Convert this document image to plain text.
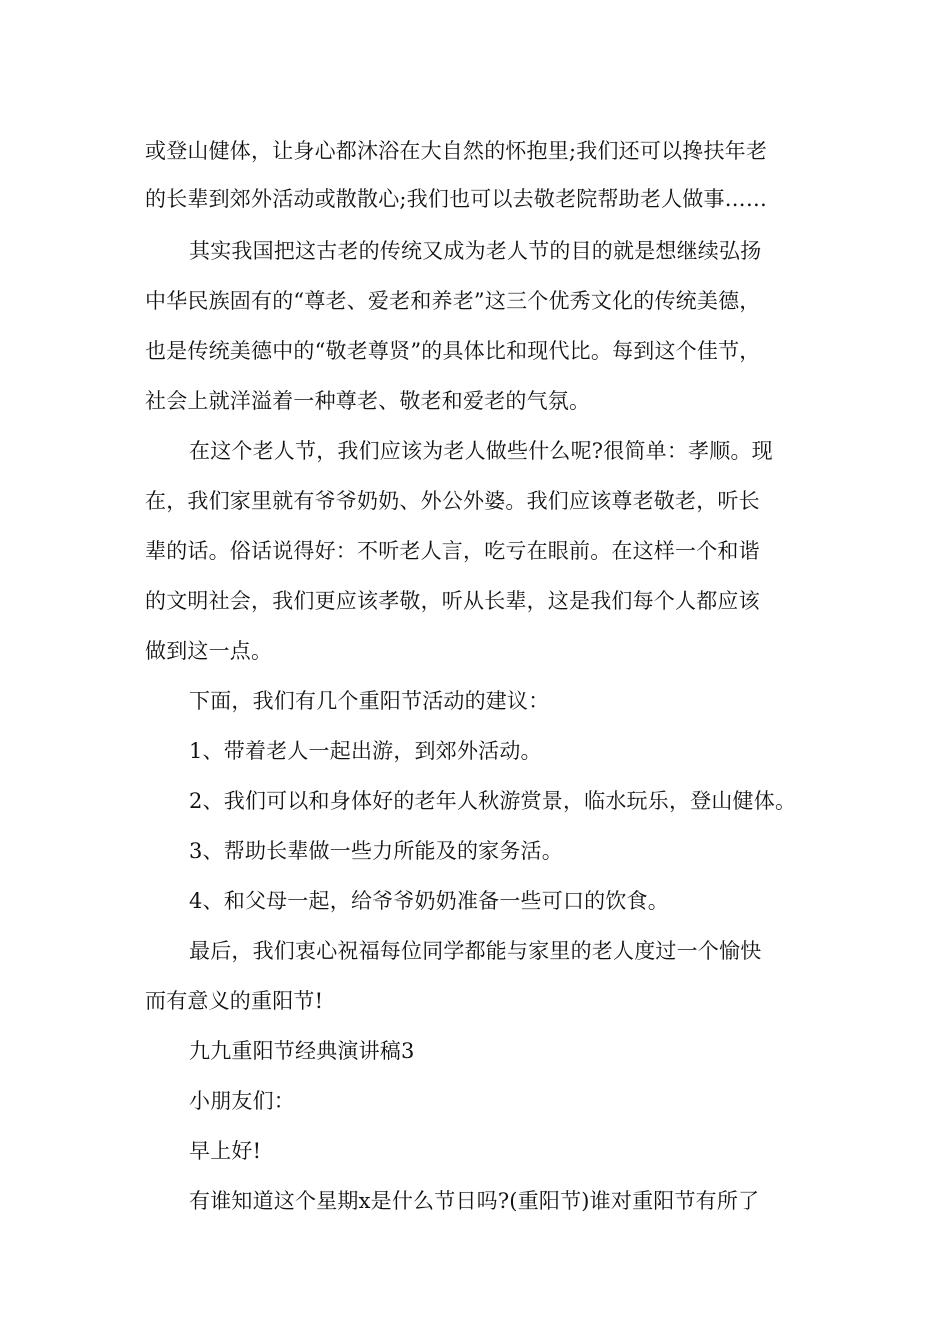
或登山健体，让身心都沐浴在大自然的怀抱里;我们还可以搀扶年老
的长辈到郊外活动或散散心;我们也可以去敬老院帮助老人做事……
其实我国把这古老的传统又成为老人节的目的就是想继续弘扬
中华民族固有的“尊老、爱老和养老”这三个优秀文化的传统美德，
也是传统美德中的“敬老尊贤”的具体比和现代比。每到这个佳节，
社会上就洋溢着一种尊老、敬老和爱老的气氛。
在这个老人节，我们应该为老人做些什么呢?很简单：孝顺。现
在，我们家里就有爷爷奶奶、外公外婆。我们应该尊老敬老，听长
辈的话。俗话说得好：不听老人言，吃亏在眼前。在这样一个和谐
的文明社会，我们更应该孝敬，听从长辈，这是我们每个人都应该
做到这一点。
下面，我们有几个重阳节活动的建议：
1、带着老人一起出游，到郊外活动。
2、我们可以和身体好的老年人秋游赏景，临水玩乐，登山健体。
3、帮助长辈做一些力所能及的家务活。
4、和父母一起，给爷爷奶奶准备一些可口的饮食。
最后，我们衷心祝福每位同学都能与家里的老人度过一个愉快
而有意义的重阳节!
九九重阳节经典演讲稿3
小朋友们：
早上好!
有谁知道这个星期x是什么节日吗?(重阳节)谁对重阳节有所了
